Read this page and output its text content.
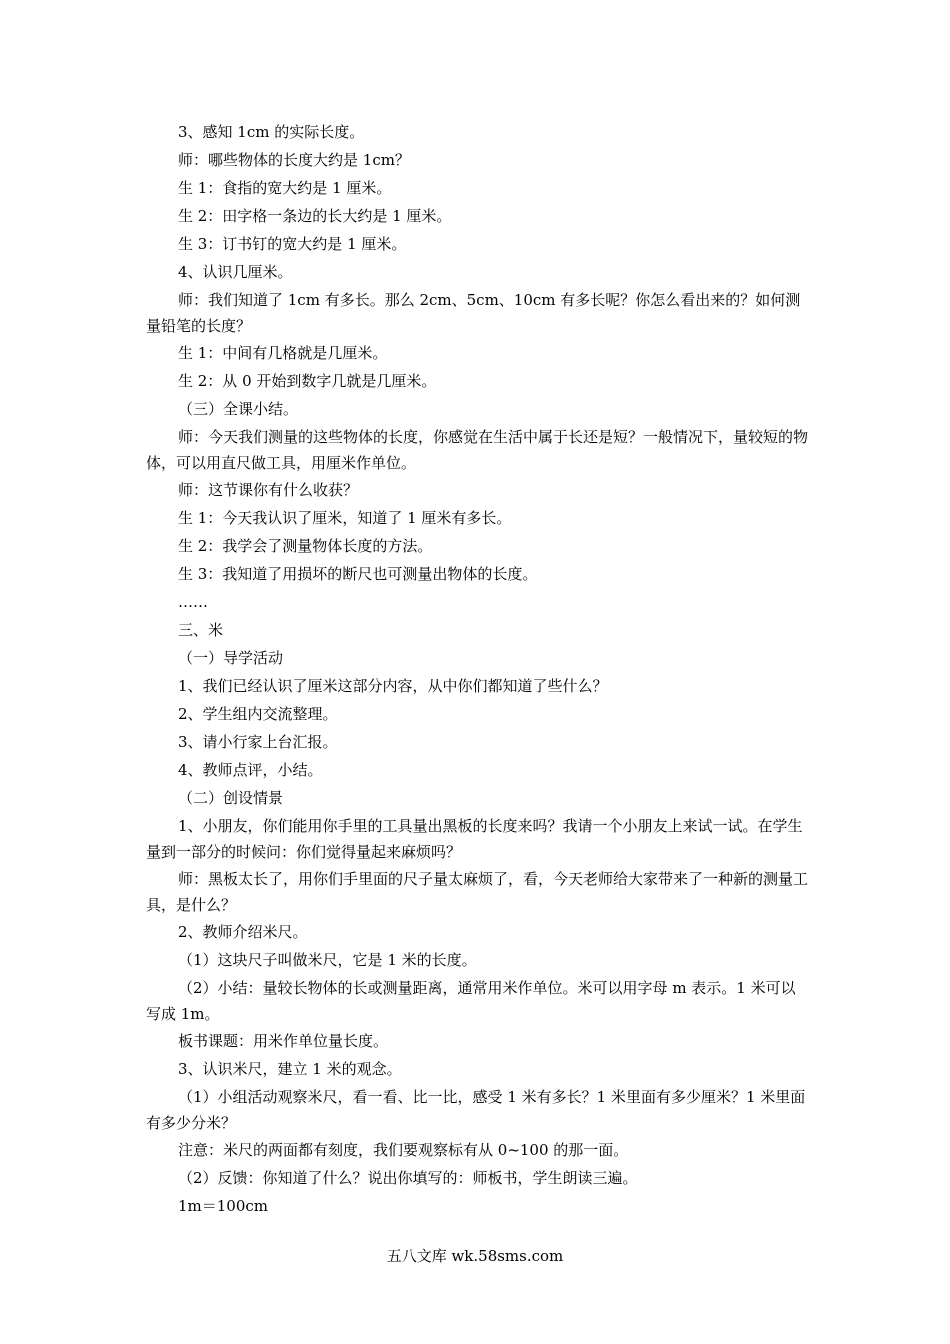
3、感知 1cm 的实际长度。

师：哪些物体的长度大约是 1cm？

生 1：食指的宽大约是 1 厘米。

生 2：田字格一条边的长大约是 1 厘米。

生 3：订书钉的宽大约是 1 厘米。

4、认识几厘米。

师：我们知道了 1cm 有多长。那么 2cm、5cm、10cm 有多长呢？你怎么看出来的？如何测量铅笔的长度？

生 1：中间有几格就是几厘米。

生 2：从 0 开始到数字几就是几厘米。

（三）全课小结。

师：今天我们测量的这些物体的长度，你感觉在生活中属于长还是短？一般情况下，量较短的物体，可以用直尺做工具，用厘米作单位。

师：这节课你有什么收获？

生 1：今天我认识了厘米，知道了 1 厘米有多长。

生 2：我学会了测量物体长度的方法。

生 3：我知道了用损坏的断尺也可测量出物体的长度。

……

三、米

（一）导学活动

1、我们已经认识了厘米这部分内容，从中你们都知道了些什么？

2、学生组内交流整理。

3、请小行家上台汇报。

4、教师点评，小结。

（二）创设情景

1、小朋友，你们能用你手里的工具量出黑板的长度来吗？我请一个小朋友上来试一试。在学生量到一部分的时候问：你们觉得量起来麻烦吗？

师：黑板太长了，用你们手里面的尺子量太麻烦了，看，今天老师给大家带来了一种新的测量工具，是什么？

2、教师介绍米尺。

（1）这块尺子叫做米尺，它是 1 米的长度。

（2）小结：量较长物体的长或测量距离，通常用米作单位。米可以用字母 m 表示。1 米可以写成 1m。

板书课题：用米作单位量长度。

3、认识米尺，建立 1 米的观念。

（1）小组活动观察米尺，看一看、比一比，感受 1 米有多长？1 米里面有多少厘米？1 米里面有多少分米？

注意：米尺的两面都有刻度，我们要观察标有从 0~100 的那一面。

（2）反馈：你知道了什么？说出你填写的：师板书，学生朗读三遍。

1m＝100cm

五八文库 wk.58sms.com
